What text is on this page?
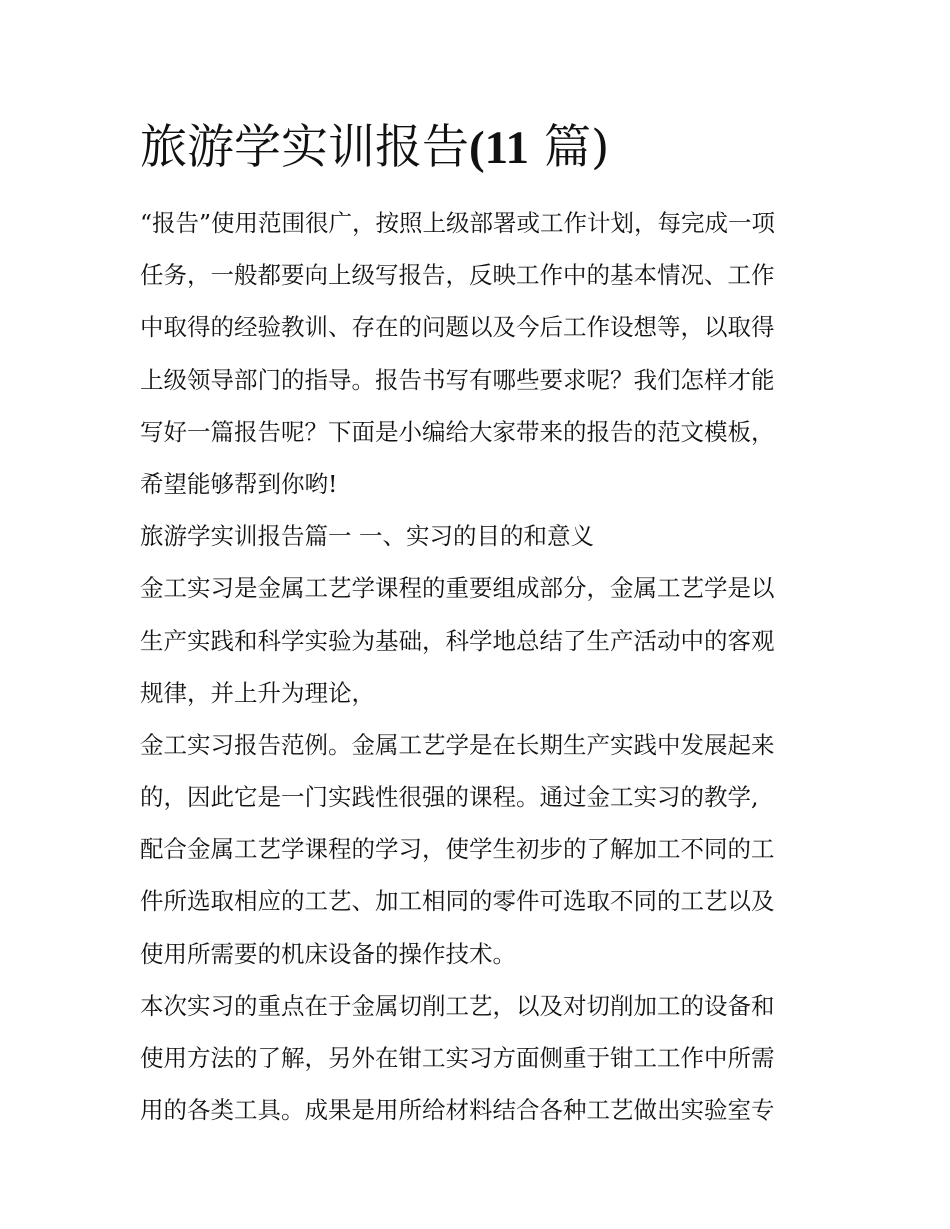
旅游学实训报告(11 篇)
“报告”使用范围很广，按照上级部署或工作计划，每完成一项
任务，一般都要向上级写报告，反映工作中的基本情况、工作
中取得的经验教训、存在的问题以及今后工作设想等，以取得
上级领导部门的指导。报告书写有哪些要求呢？我们怎样才能
写好一篇报告呢？下面是小编给大家带来的报告的范文模板，
希望能够帮到你哟!
旅游学实训报告篇一 一、实习的目的和意义
金工实习是金属工艺学课程的重要组成部分，金属工艺学是以
生产实践和科学实验为基础，科学地总结了生产活动中的客观
规律，并上升为理论，
金工实习报告范例。金属工艺学是在长期生产实践中发展起来
的，因此它是一门实践性很强的课程。通过金工实习的教学,
配合金属工艺学课程的学习，使学生初步的了解加工不同的工
件所选取相应的工艺、加工相同的零件可选取不同的工艺以及
使用所需要的机床设备的操作技术。
本次实习的重点在于金属切削工艺，以及对切削加工的设备和
使用方法的了解，另外在钳工实习方面侧重于钳工工作中所需
用的各类工具。成果是用所给材料结合各种工艺做出实验室专
